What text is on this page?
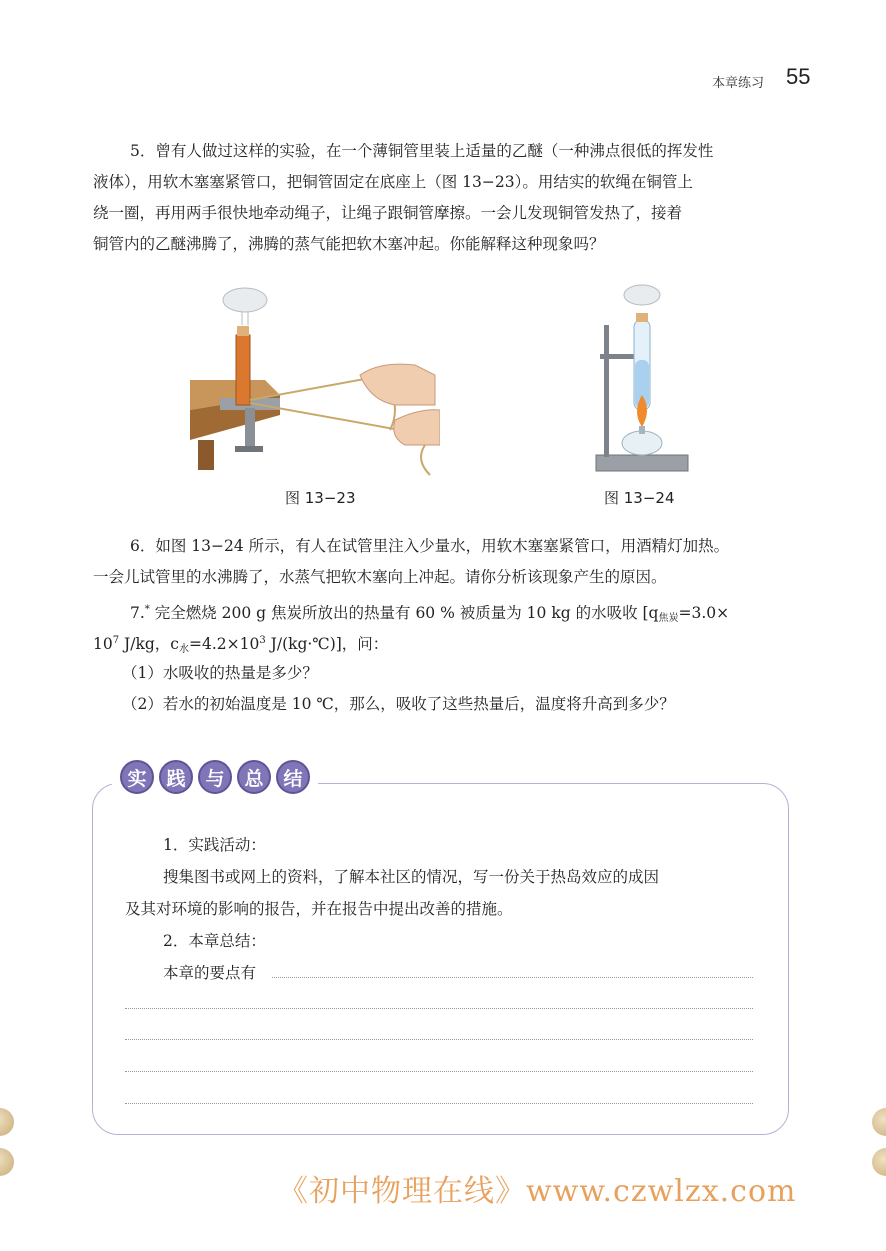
本章练习 55
5．曾有人做过这样的实验，在一个薄铜管里装上适量的乙醚（一种沸点很低的挥发性
液体），用软木塞塞紧管口，把铜管固定在底座上（图 13−23）。用结实的软绳在铜管上
绕一圈，再用两手很快地牵动绳子，让绳子跟铜管摩擦。一会儿发现铜管发热了，接着
铜管内的乙醚沸腾了，沸腾的蒸气能把软木塞冲起。你能解释这种现象吗？
图 13−23	图 13−24
6．如图 13−24 所示，有人在试管里注入少量水，用软木塞塞紧管口，用酒精灯加热。
一会儿试管里的水沸腾了，水蒸气把软木塞向上冲起。请你分析该现象产生的原因。
7.* 完全燃烧 200 g 焦炭所放出的热量有 60 % 被质量为 10 kg 的水吸收 [$q_{焦炭}=3.0\times$
$10^7$ J/kg，$c_水=4.2\times 10^3$ J/(kg·℃)]，问：
（1）水吸收的热量是多少？
（2）若水的初始温度是 10 ℃，那么，吸收了这些热量后，温度将升高到多少？
实	践	与	总	结
1．实践活动：
搜集图书或网上的资料，了解本社区的情况，写一份关于热岛效应的成因
及其对环境的影响的报告，并在报告中提出改善的措施。
2．本章总结：
本章的要点有
《初中物理在线》www.czwlzx.com
